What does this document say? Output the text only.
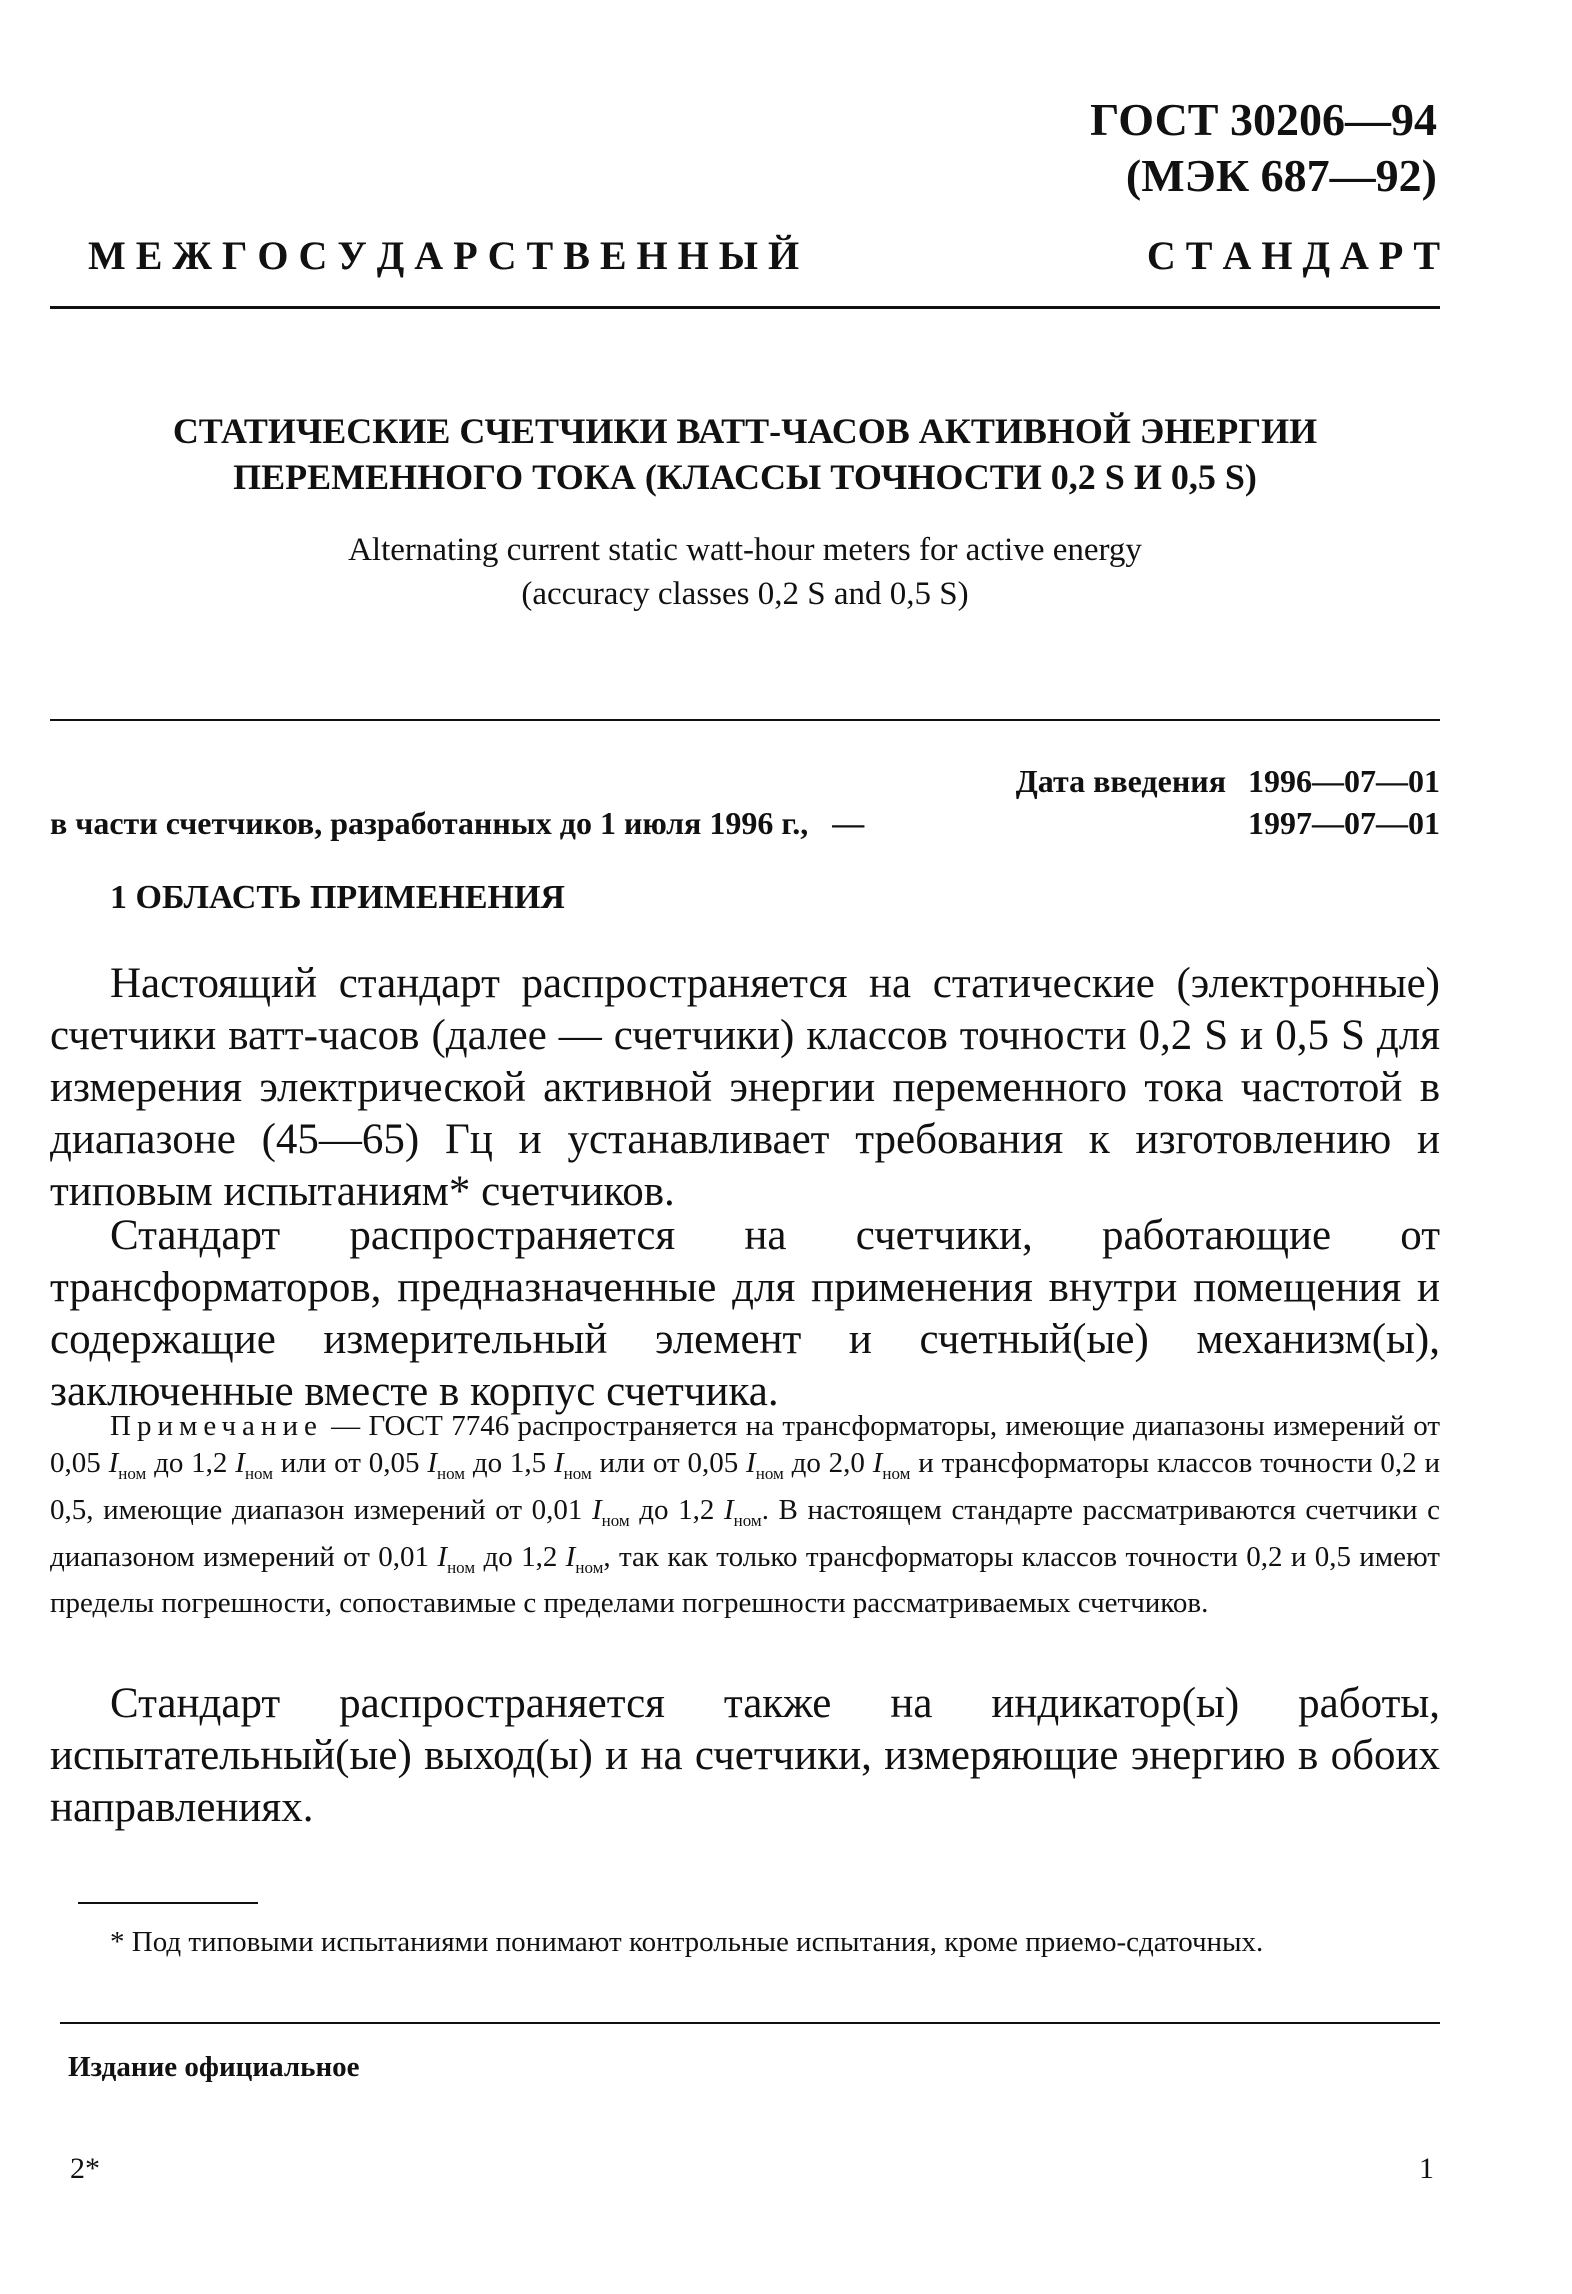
ГОСТ 30206—94
(МЭК 687—92)
М Е Ж Г О С У Д А Р С Т В Е Н Н Ы Й	С Т А Н Д А Р Т
СТАТИЧЕСКИЕ СЧЕТЧИКИ ВАТТ-ЧАСОВ АКТИВНОЙ ЭНЕРГИИ
ПЕРЕМЕННОГО ТОКА (КЛАССЫ ТОЧНОСТИ 0,2 S И 0,5 S)
Alternating current static watt-hour meters for active energy
(accuracy classes 0,2 S and 0,5 S)
Дата введения 1996—07—01
в части счетчиков, разработанных до 1 июля 1996 г., —	1997—07—01
1 ОБЛАСТЬ ПРИМЕНЕНИЯ
Настоящий стандарт распространяется на статические (электронные) счетчики ватт-часов (далее — счетчики) классов точности 0,2 S и 0,5 S для измерения электрической активной энергии переменного тока частотой в диапазоне (45—65) Гц и устанавливает требования к изготовлению и типовым испытаниям* счетчиков.
Стандарт распространяется на счетчики, работающие от трансформаторов, предназначенные для применения внутри помещения и содержащие измерительный элемент и счетный(ые) механизм(ы), заключенные вместе в корпус счетчика.
Примечание — ГОСТ 7746 распространяется на трансформаторы, имеющие диапазоны измерений от 0,05 $I_{ном}$ до 1,2 $I_{ном}$ или от 0,05 $I_{ном}$ до 1,5 $I_{ном}$ или от 0,05 $I_{ном}$ до 2,0 $I_{ном}$ и трансформаторы классов точности 0,2 и 0,5, имеющие диапазон измерений от 0,01 $I_{ном}$ до 1,2 $I_{ном}$. В настоящем стандарте рассматриваются счетчики с диапазоном измерений от 0,01 $I_{ном}$ до 1,2 $I_{ном}$, так как только трансформаторы классов точности 0,2 и 0,5 имеют пределы погрешности, сопоставимые с пределами погрешности рассматриваемых счетчиков.
Стандарт распространяется также на индикатор(ы) работы, испытательный(ые) выход(ы) и на счетчики, измеряющие энергию в обоих направлениях.
* Под типовыми испытаниями понимают контрольные испытания, кроме приемо-сдаточных.
Издание официальное
2*	1
